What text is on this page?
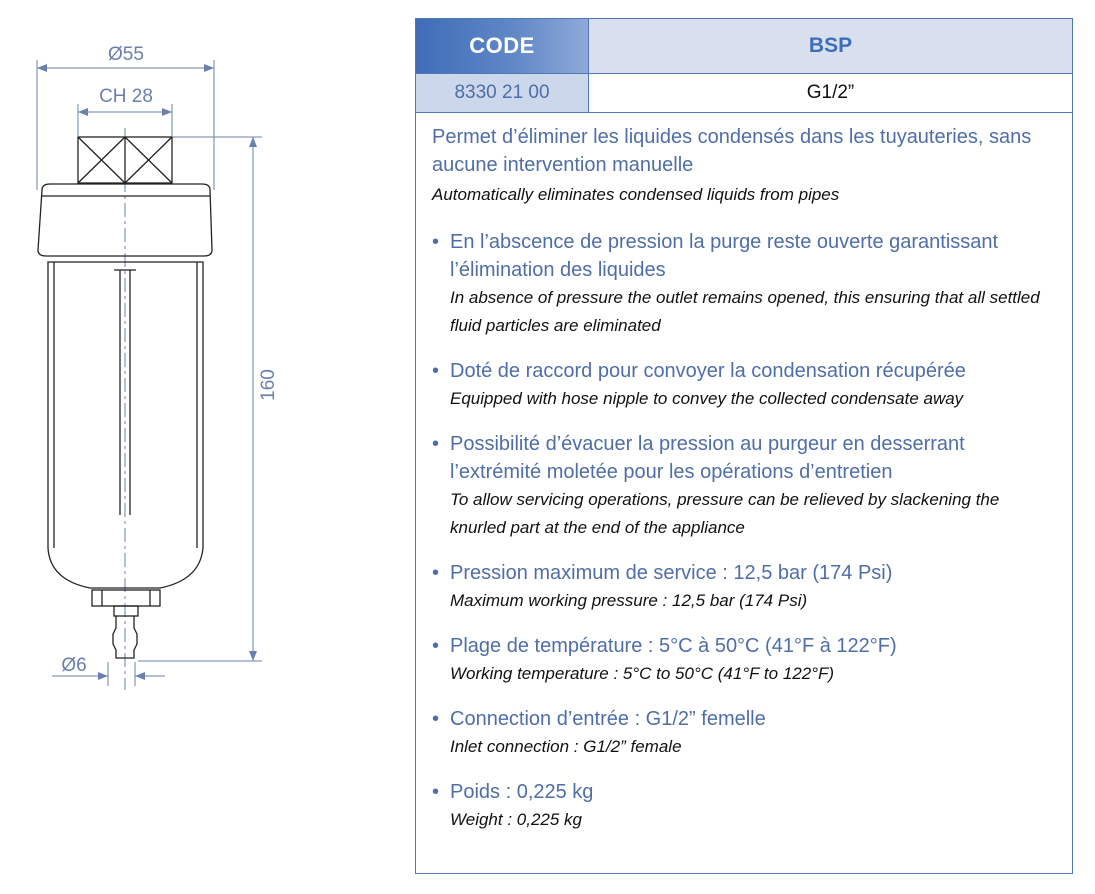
Ø55
CH 28
160
Ø6
CODE	BSP
8330 21 00	G1/2”
Permet d’éliminer les liquides condensés dans les tuyauteries, sans aucune intervention manuelle
Automatically eliminates condensed liquids from pipes
• En l’abscence de pression la purge reste ouverte garantissant l’élimination des liquides
In absence of pressure the outlet remains opened, this ensuring that all settled fluid particles are eliminated
• Doté de raccord pour convoyer la condensation récupérée
Equipped with hose nipple to convey the collected condensate away
• Possibilité d’évacuer la pression au purgeur en desserrant l’extrémité moletée pour les opérations d’entretien
To allow servicing operations, pressure can be relieved by slackening the knurled part at the end of the appliance
• Pression maximum de service : 12,5 bar (174 Psi)
Maximum working pressure : 12,5 bar (174 Psi)
• Plage de température : 5°C à 50°C (41°F à 122°F)
Working temperature : 5°C to 50°C (41°F to 122°F)
• Connection d’entrée : G1/2” femelle
Inlet connection : G1/2” female
• Poids : 0,225 kg
Weight : 0,225 kg
